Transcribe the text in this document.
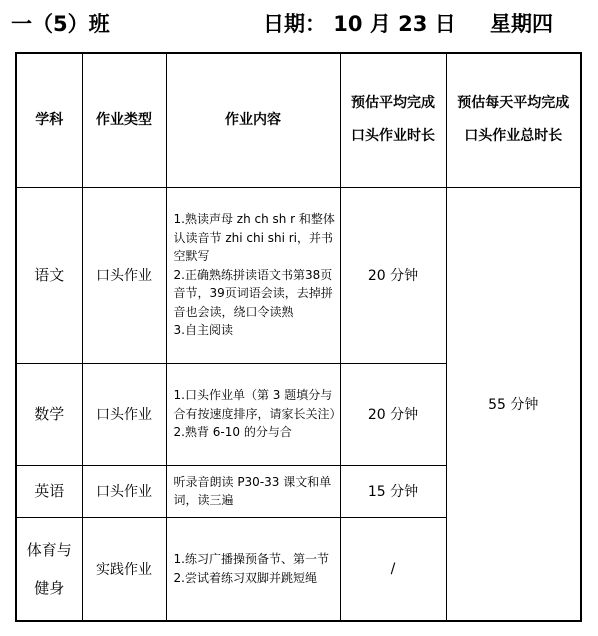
一（5）班	日期： 10 月 23 日 星期四
学科	作业类型	作业内容	预估平均完成口头作业时长	预估每天平均完成口头作业总时长
语文	口头作业	1.熟读声母 zh ch sh r 和整体认读音节 zhi chi shi ri，并书空默写
2.正确熟练拼读语文书第38页音节，39页词语会读，去掉拼音也会读，绕口令读熟
3.自主阅读	20 分钟	55 分钟
数学	口头作业	1.口头作业单（第 3 题填分与合有按速度排序，请家长关注）
2.熟背 6-10 的分与合	20 分钟	
英语	口头作业	听录音朗读 P30-33 课文和单词，读三遍	15 分钟	
体育与健身	实践作业	1.练习广播操预备节、第一节
2.尝试着练习双脚并跳短绳	/	
